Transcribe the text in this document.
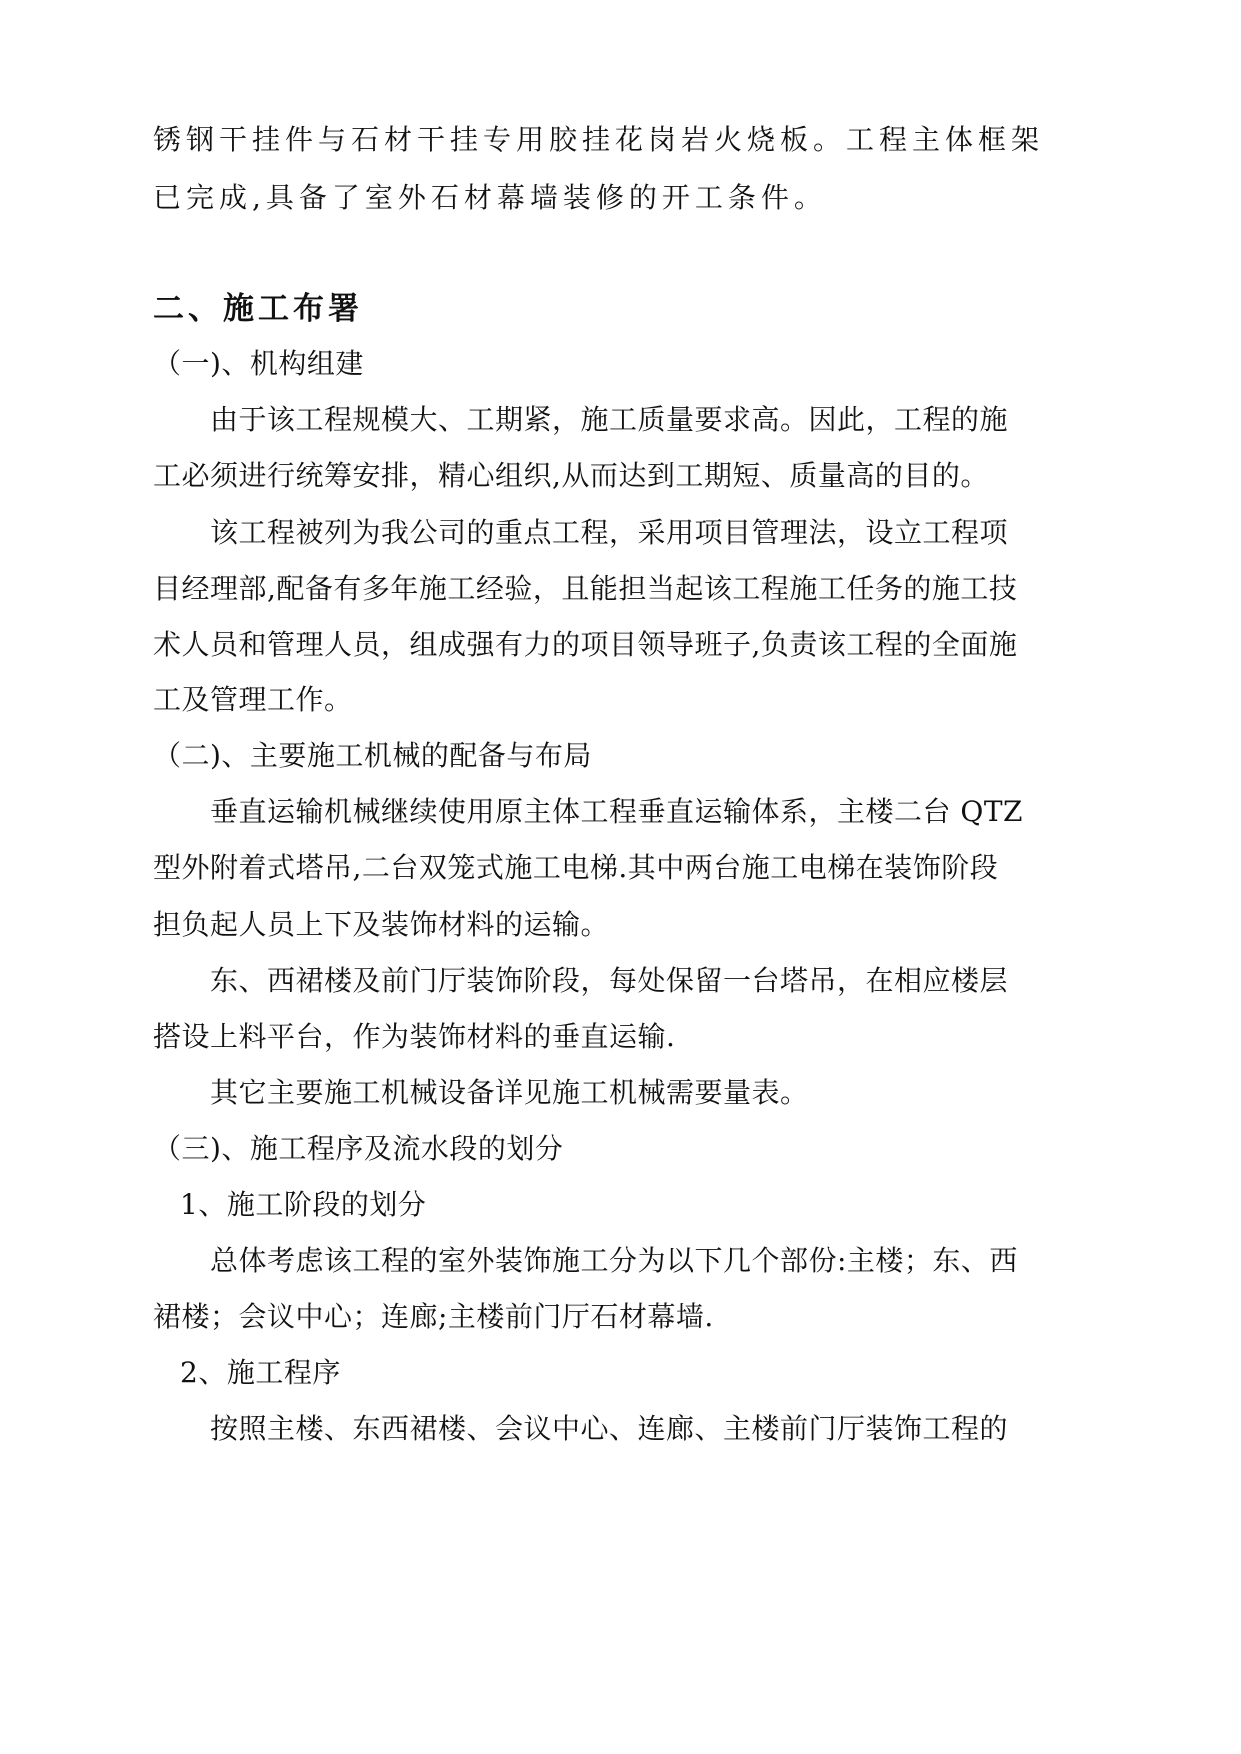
锈钢干挂件与石材干挂专用胶挂花岗岩火烧板。工程主体框架
已完成,具备了室外石材幕墙装修的开工条件。
二、施工布署
（一)、机构组建
由于该工程规模大、工期紧，施工质量要求高。因此，工程的施
工必须进行统筹安排，精心组织,从而达到工期短、质量高的目的。
该工程被列为我公司的重点工程，采用项目管理法，设立工程项
目经理部,配备有多年施工经验，且能担当起该工程施工任务的施工技
术人员和管理人员，组成强有力的项目领导班子,负责该工程的全面施
工及管理工作。
（二)、主要施工机械的配备与布局
垂直运输机械继续使用原主体工程垂直运输体系，主楼二台 QTZ
型外附着式塔吊,二台双笼式施工电梯.其中两台施工电梯在装饰阶段
担负起人员上下及装饰材料的运输。
东、西裙楼及前门厅装饰阶段，每处保留一台塔吊，在相应楼层
搭设上料平台，作为装饰材料的垂直运输.
其它主要施工机械设备详见施工机械需要量表。
（三)、施工程序及流水段的划分
1、施工阶段的划分
总体考虑该工程的室外装饰施工分为以下几个部份:主楼；东、西
裙楼；会议中心；连廊;主楼前门厅石材幕墙.
2、施工程序
按照主楼、东西裙楼、会议中心、连廊、主楼前门厅装饰工程的
